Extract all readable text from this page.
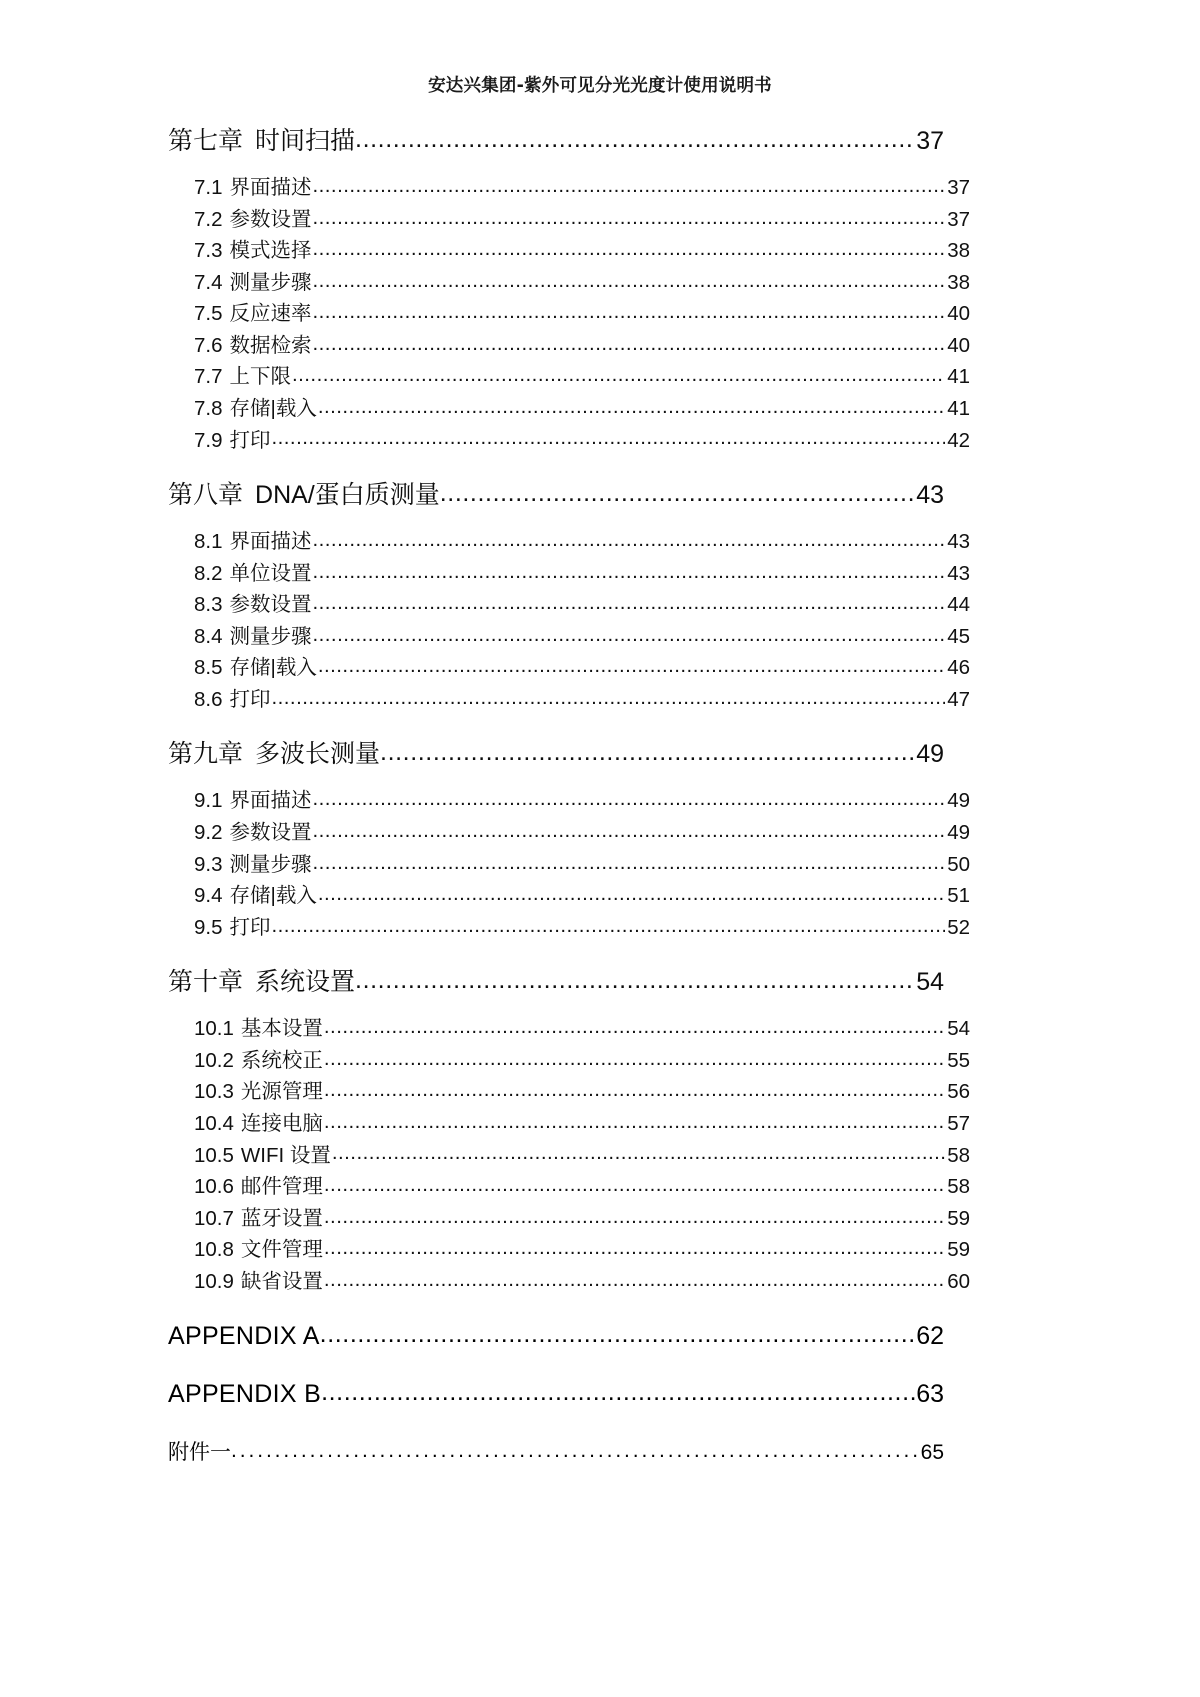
安达兴集团-紫外可见分光光度计使用说明书
第七章 时间扫描 .....	37
7.1 界面描述 .....	37
7.2 参数设置 .....	37
7.3 模式选择 .....	38
7.4 测量步骤 .....	38
7.5 反应速率 .....	40
7.6 数据检索 .....	40
7.7 上下限 .....	41
7.8 存储|载入 .....	41
7.9 打印 .....	42
第八章 DNA/蛋白质测量 .....	43
8.1 界面描述 .....	43
8.2 单位设置 .....	43
8.3 参数设置 .....	44
8.4 测量步骤 .....	45
8.5 存储|载入 .....	46
8.6 打印 .....	47
第九章 多波长测量 .....	49
9.1 界面描述 .....	49
9.2 参数设置 .....	49
9.3 测量步骤 .....	50
9.4 存储|载入 .....	51
9.5 打印 .....	52
第十章 系统设置 .....	54
10.1 基本设置 .....	54
10.2 系统校正 .....	55
10.3 光源管理 .....	56
10.4 连接电脑 .....	57
10.5 WIFI 设置 .....	58
10.6 邮件管理 .....	58
10.7 蓝牙设置 .....	59
10.8 文件管理 .....	59
10.9 缺省设置 .....	60
APPENDIX A .....	62
APPENDIX B .....	63
附件一 .....	65
